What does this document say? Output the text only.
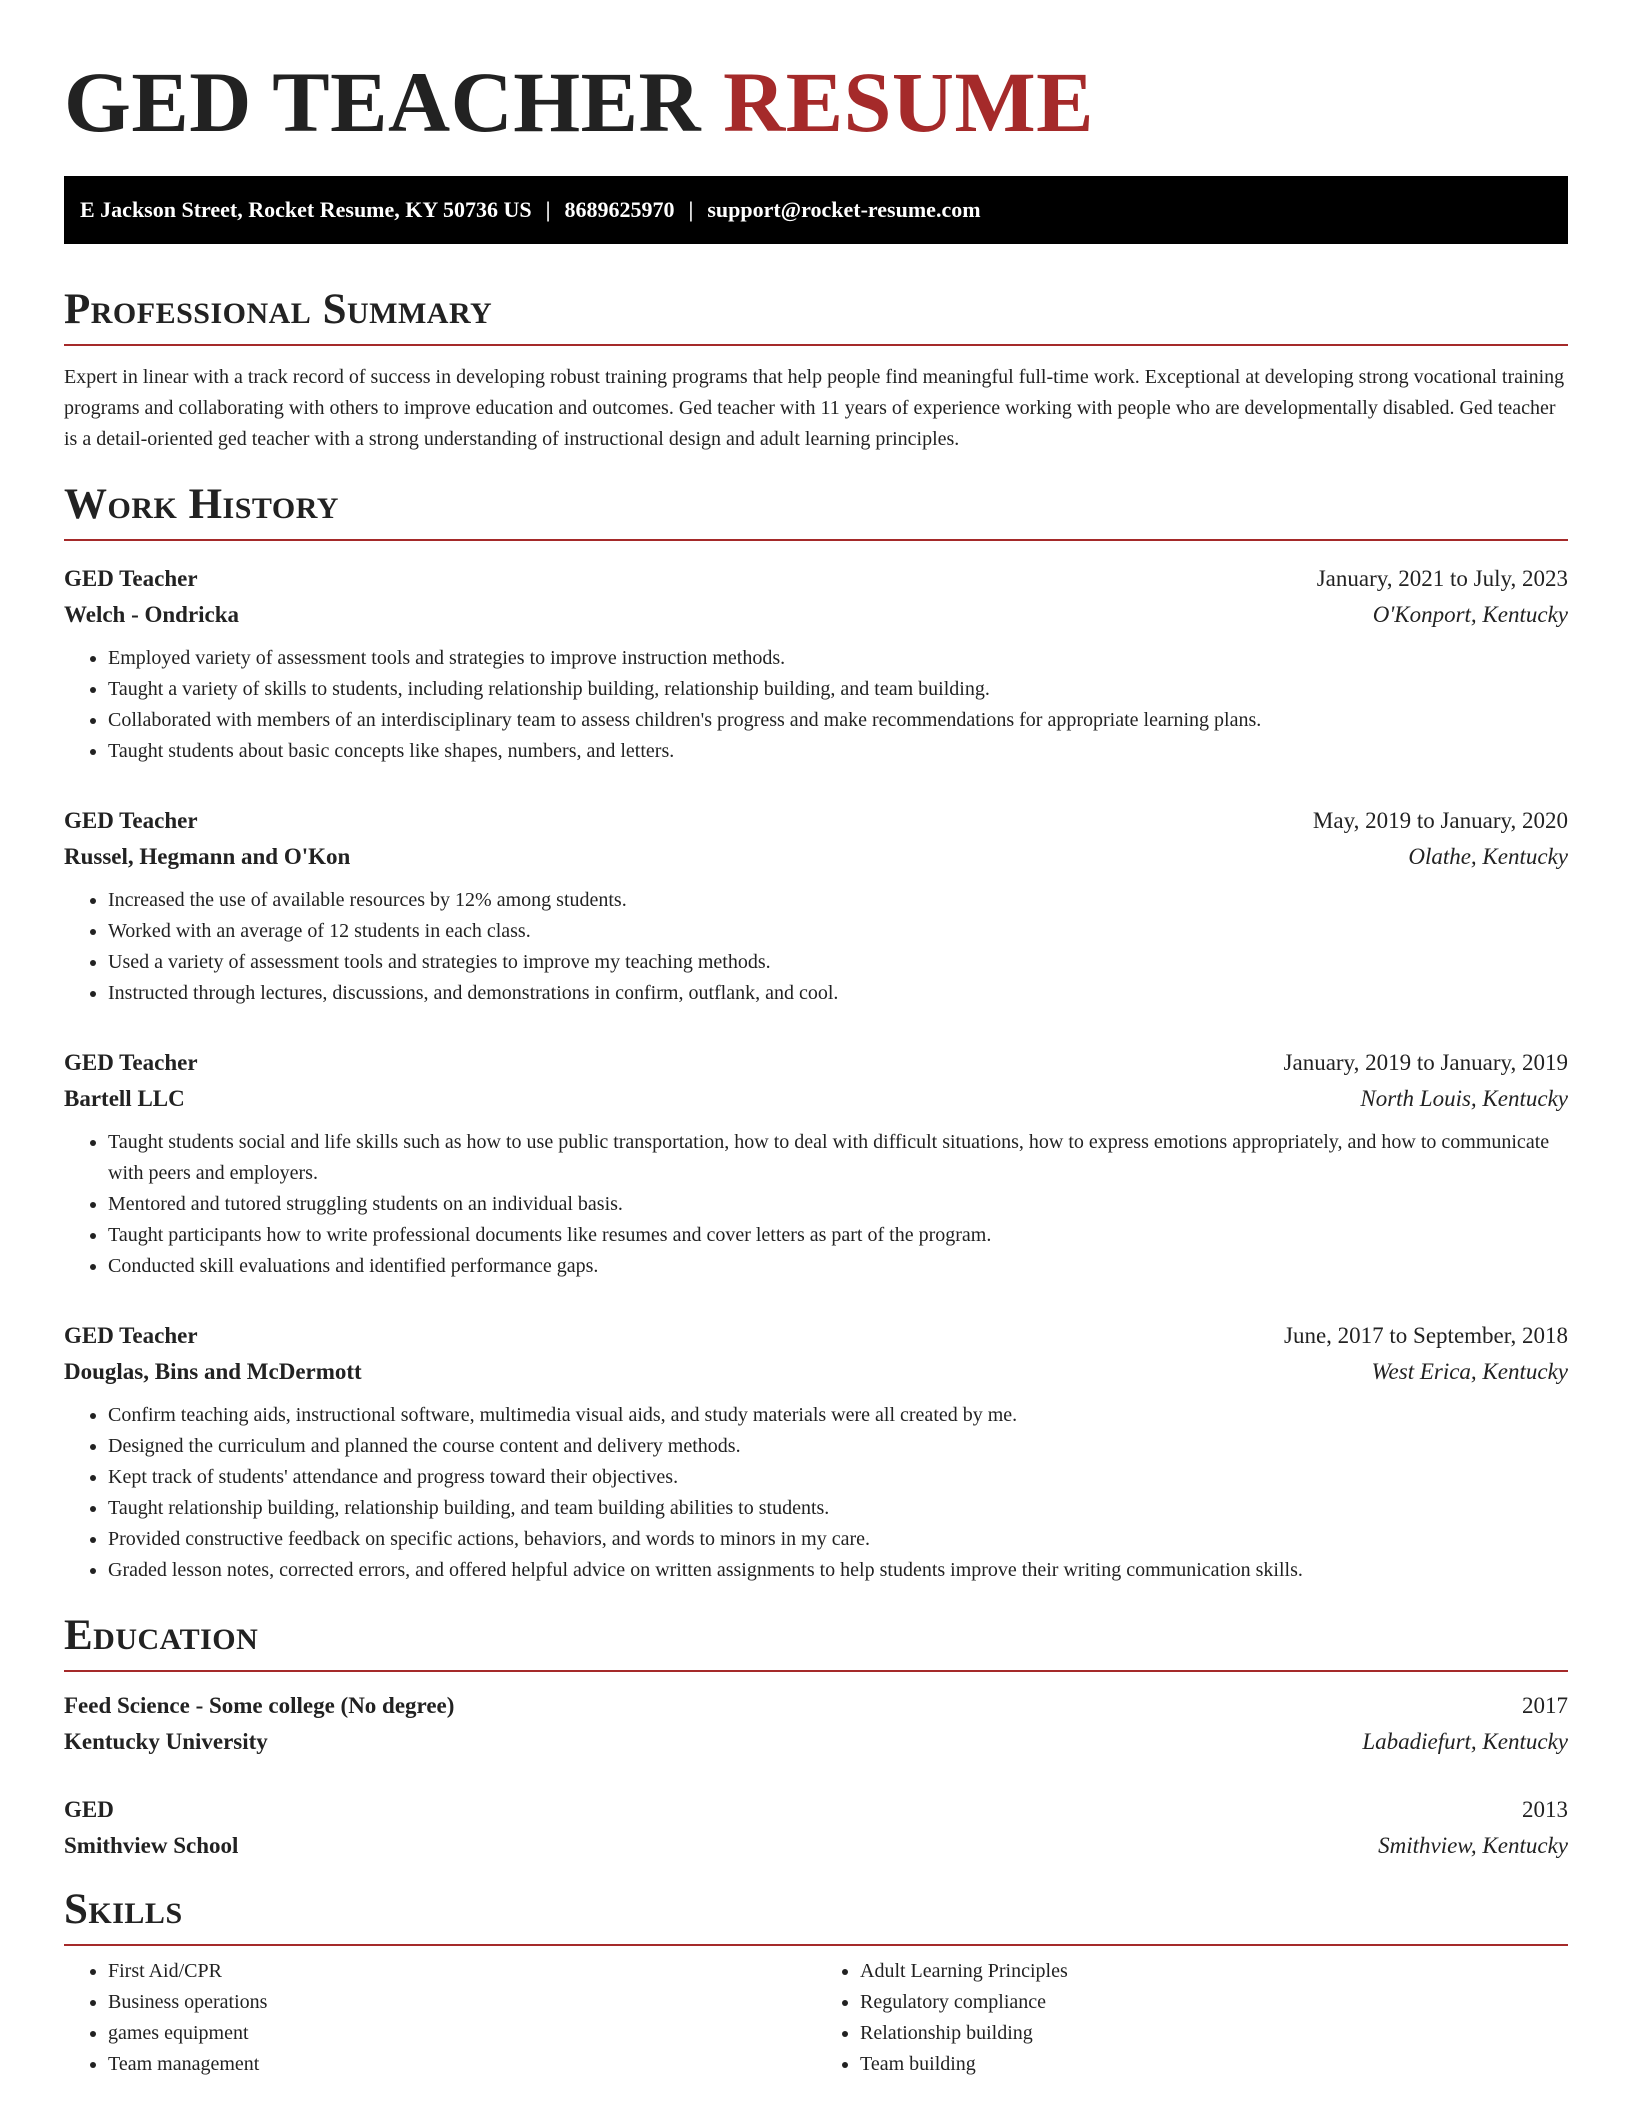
GED TEACHER RESUME
E Jackson Street, Rocket Resume, KY 50736 US | 8689625970 | support@rocket-resume.com
Professional Summary

Expert in linear with a track record of success in developing robust training programs that help people find meaningful full-time work. Exceptional at developing strong vocational training programs and collaborating with others to improve education and outcomes. Ged teacher with 11 years of experience working with people who are developmentally disabled. Ged teacher is a detail-oriented ged teacher with a strong understanding of instructional design and adult learning principles.

Work History
GED Teacher	January, 2021 to July, 2023
Welch - Ondricka	O'Konport, Kentucky
• Employed variety of assessment tools and strategies to improve instruction methods.
• Taught a variety of skills to students, including relationship building, relationship building, and team building.
• Collaborated with members of an interdisciplinary team to assess children's progress and make recommendations for appropriate learning plans.
• Taught students about basic concepts like shapes, numbers, and letters.
GED Teacher	May, 2019 to January, 2020
Russel, Hegmann and O'Kon	Olathe, Kentucky
• Increased the use of available resources by 12% among students.
• Worked with an average of 12 students in each class.
• Used a variety of assessment tools and strategies to improve my teaching methods.
• Instructed through lectures, discussions, and demonstrations in confirm, outflank, and cool.
GED Teacher	January, 2019 to January, 2019
Bartell LLC	North Louis, Kentucky
• Taught students social and life skills such as how to use public transportation, how to deal with difficult situations, how to express emotions appropriately, and how to communicate with peers and employers.
• Mentored and tutored struggling students on an individual basis.
• Taught participants how to write professional documents like resumes and cover letters as part of the program.
• Conducted skill evaluations and identified performance gaps.
GED Teacher	June, 2017 to September, 2018
Douglas, Bins and McDermott	West Erica, Kentucky
• Confirm teaching aids, instructional software, multimedia visual aids, and study materials were all created by me.
• Designed the curriculum and planned the course content and delivery methods.
• Kept track of students' attendance and progress toward their objectives.
• Taught relationship building, relationship building, and team building abilities to students.
• Provided constructive feedback on specific actions, behaviors, and words to minors in my care.
• Graded lesson notes, corrected errors, and offered helpful advice on written assignments to help students improve their writing communication skills.
Education
Feed Science - Some college (No degree)	2017
Kentucky University	Labadiefurt, Kentucky
GED	2013
Smithview School	Smithview, Kentucky
Skills
• First Aid/CPR
• Business operations
• games equipment
• Team management
• Adult Learning Principles
• Regulatory compliance
• Relationship building
• Team building
